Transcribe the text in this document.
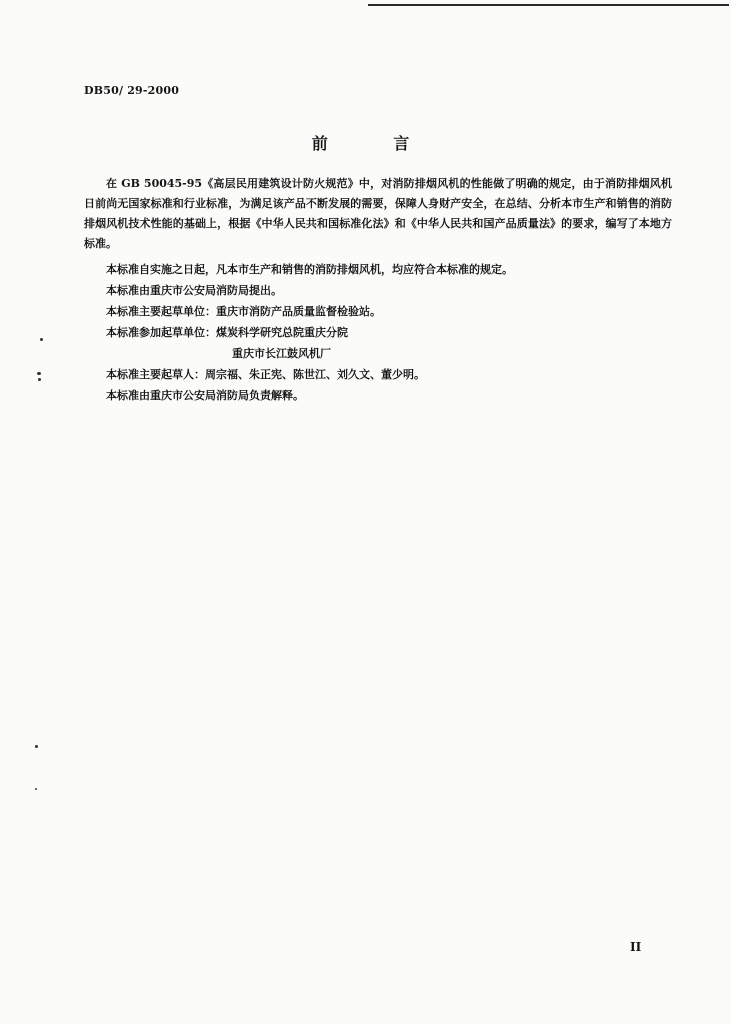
DB50/ 29-2000
前 言

在 GB 50045-95《高层民用建筑设计防火规范》中，对消防排烟风机的性能做了明确的规定，由于消防排烟风机日前尚无国家标准和行业标准，为满足该产品不断发展的需要，保障人身财产安全，在总结、分析本市生产和销售的消防排烟风机技术性能的基础上，根据《中华人民共和国标准化法》和《中华人民共和国产品质量法》的要求，编写了本地方标准。

本标准自实施之日起，凡本市生产和销售的消防排烟风机，均应符合本标准的规定。
本标准由重庆市公安局消防局提出。
本标准主要起草单位：重庆市消防产品质量监督检验站。
本标准参加起草单位：煤炭科学研究总院重庆分院
重庆市长江鼓风机厂
本标准主要起草人：周宗福、朱正宪、陈世江、刘久文、董少明。
本标准由重庆市公安局消防局负责解释。
II
